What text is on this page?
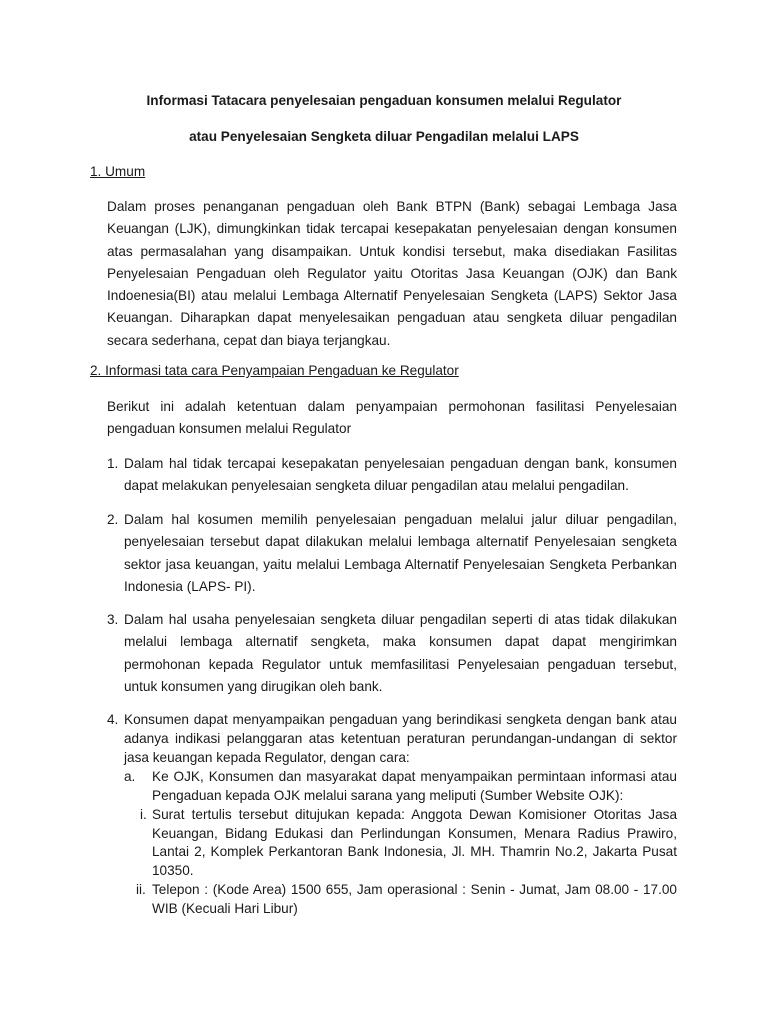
Informasi Tatacara penyelesaian pengaduan konsumen melalui Regulator
atau Penyelesaian Sengketa diluar Pengadilan melalui LAPS
1. Umum

Dalam proses penanganan pengaduan oleh Bank BTPN (Bank) sebagai Lembaga Jasa Keuangan (LJK), dimungkinkan tidak tercapai kesepakatan penyelesaian dengan konsumen atas permasalahan yang disampaikan. Untuk kondisi tersebut, maka disediakan Fasilitas Penyelesaian Pengaduan oleh Regulator yaitu Otoritas Jasa Keuangan (OJK) dan Bank Indoenesia(BI) atau melalui Lembaga Alternatif Penyelesaian Sengketa (LAPS) Sektor Jasa Keuangan. Diharapkan dapat menyelesaikan pengaduan atau sengketa diluar pengadilan secara sederhana, cepat dan biaya terjangkau.

2. Informasi tata cara Penyampaian Pengaduan ke Regulator

Berikut ini adalah ketentuan dalam penyampaian permohonan fasilitasi Penyelesaian pengaduan konsumen melalui Regulator

1. Dalam hal tidak tercapai kesepakatan penyelesaian pengaduan dengan bank, konsumen dapat melakukan penyelesaian sengketa diluar pengadilan atau melalui pengadilan.
2. Dalam hal kosumen memilih penyelesaian pengaduan melalui jalur diluar pengadilan, penyelesaian tersebut dapat dilakukan melalui lembaga alternatif Penyelesaian sengketa sektor jasa keuangan, yaitu melalui Lembaga Alternatif Penyelesaian Sengketa Perbankan Indonesia (LAPS- PI).
3. Dalam hal usaha penyelesaian sengketa diluar pengadilan seperti di atas tidak dilakukan melalui lembaga alternatif sengketa, maka konsumen dapat dapat mengirimkan permohonan kepada Regulator untuk memfasilitasi Penyelesaian pengaduan tersebut, untuk konsumen yang dirugikan oleh bank.
4. Konsumen dapat menyampaikan pengaduan yang berindikasi sengketa dengan bank atau adanya indikasi pelanggaran atas ketentuan peraturan perundangan-undangan di sektor jasa keuangan kepada Regulator, dengan cara:
a. Ke OJK, Konsumen dan masyarakat dapat menyampaikan permintaan informasi atau Pengaduan kepada OJK melalui sarana yang meliputi (Sumber Website OJK):
i. Surat tertulis tersebut ditujukan kepada: Anggota Dewan Komisioner Otoritas Jasa Keuangan, Bidang Edukasi dan Perlindungan Konsumen, Menara Radius Prawiro, Lantai 2, Komplek Perkantoran Bank Indonesia, Jl. MH. Thamrin No.2, Jakarta Pusat 10350.
ii. Telepon : (Kode Area) 1500 655, Jam operasional : Senin - Jumat, Jam 08.00 - 17.00 WIB (Kecuali Hari Libur)
